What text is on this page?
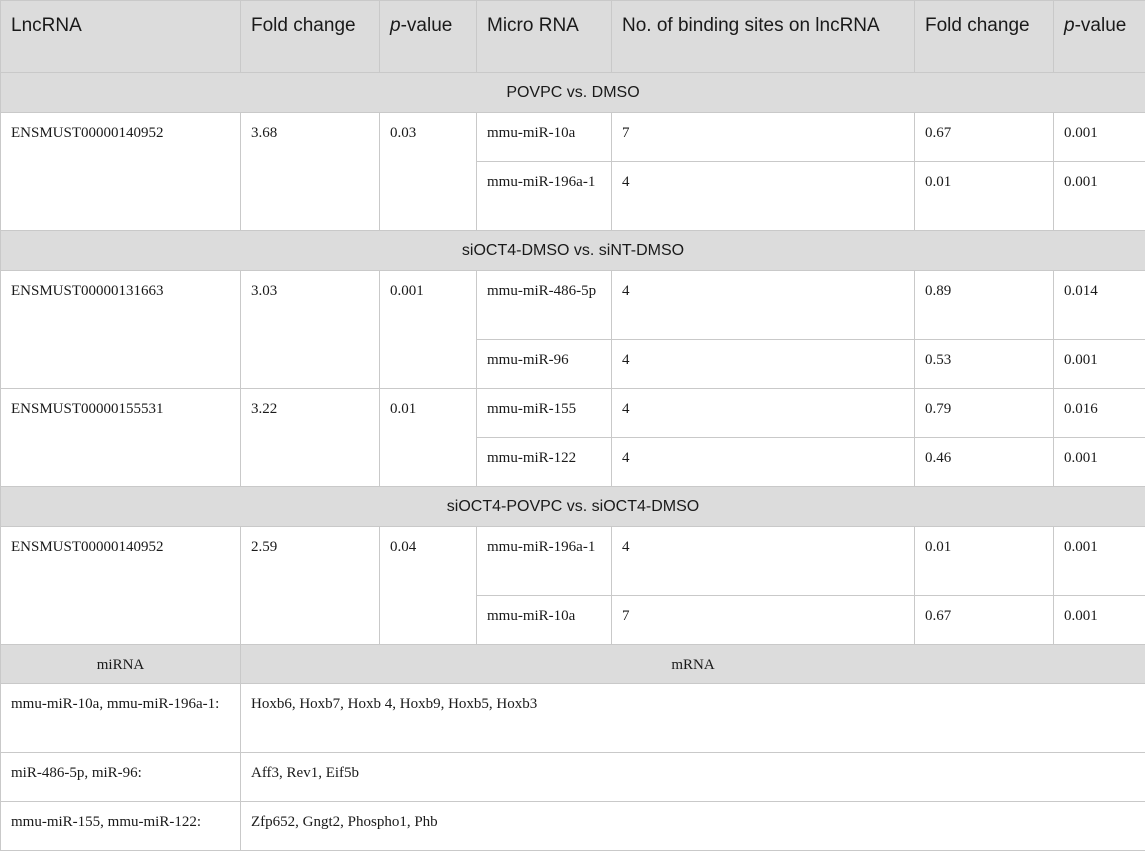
LncRNA	Fold change	p-value	Micro RNA	No. of binding sites on lncRNA	Fold change	p-value
POVPC vs. DMSO						
ENSMUST00000140952	3.68	0.03	mmu-miR-10a	7	0.67	0.001
			mmu-miR-196a-1	4	0.01	0.001
siOCT4-DMSO vs. siNT-DMSO						
ENSMUST00000131663	3.03	0.001	mmu-miR-486-5p	4	0.89	0.014
			mmu-miR-96	4	0.53	0.001
ENSMUST00000155531	3.22	0.01	mmu-miR-155	4	0.79	0.016
			mmu-miR-122	4	0.46	0.001
siOCT4-POVPC vs. siOCT4-DMSO						
ENSMUST00000140952	2.59	0.04	mmu-miR-196a-1	4	0.01	0.001
			mmu-miR-10a	7	0.67	0.001
miRNA	mRNA					
mmu-miR-10a, mmu-miR-196a-1:	Hoxb6, Hoxb7, Hoxb 4, Hoxb9, Hoxb5, Hoxb3					
miR-486-5p, miR-96:	Aff3, Rev1, Eif5b					
mmu-miR-155, mmu-miR-122:	Zfp652, Gngt2, Phospho1, Phb					
